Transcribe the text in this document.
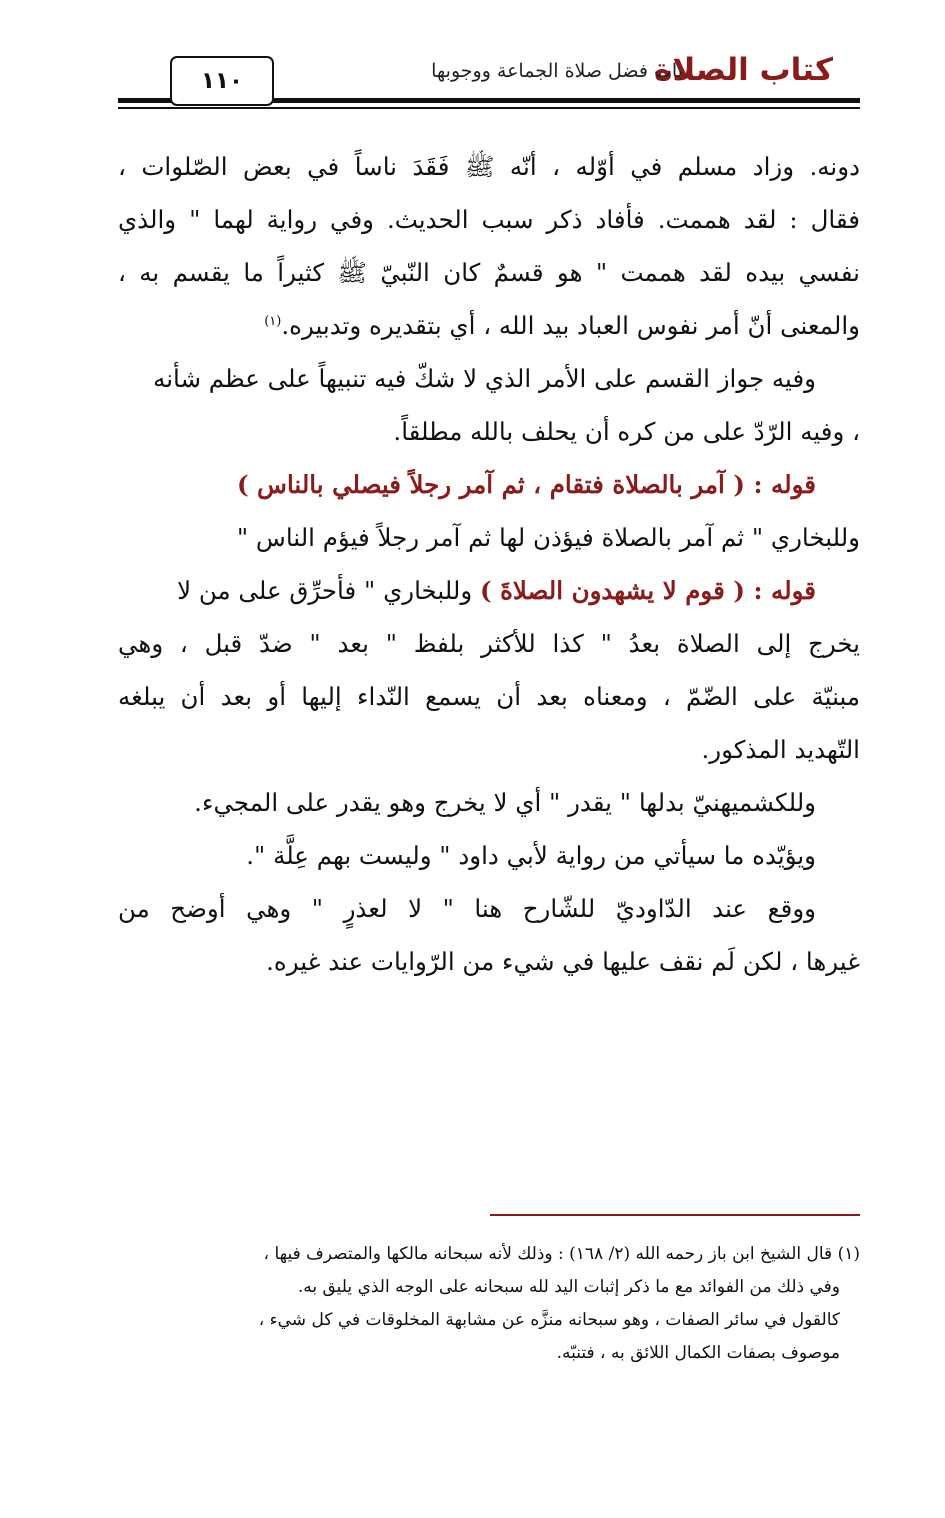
كتاب الصلاة
باب فضل صلاة الجماعة ووجوبها
١١٠
دونه. وزاد مسلم في أوّله ، أنّه ﷺ فَقَدَ ناساً في بعض الصّلوات ،
فقال : لقد هممت. فأفاد ذكر سبب الحديث. وفي رواية لهما " والذي
نفسي بيده لقد هممت " هو قسمٌ كان النّبيّ ﷺ كثيراً ما يقسم به ،
والمعنى أنّ أمر نفوس العباد بيد الله ، أي بتقديره وتدبيره.$^{(١)}$
وفيه جواز القسم على الأمر الذي لا شكّ فيه تنبيهاً على عظم شأنه
، وفيه الرّدّ على من كره أن يحلف بالله مطلقاً.
قوله : ( آمر بالصلاة فتقام ، ثم آمر رجلاً فيصلي بالناس )
وللبخاري " ثم آمر بالصلاة فيؤذن لها ثم آمر رجلاً فيؤم الناس "
قوله : ( قوم لا يشهدون الصلاةَ ) وللبخاري " فأحرِّق على من لا
يخرج إلى الصلاة بعدُ " كذا للأكثر بلفظ " بعد " ضدّ قبل ، وهي
مبنيّة على الضّمّ ، ومعناه بعد أن يسمع النّداء إليها أو بعد أن يبلغه
التّهديد المذكور.
وللكشميهنيّ بدلها " يقدر " أي لا يخرج وهو يقدر على المجيء.
ويؤيّده ما سيأتي من رواية لأبي داود " وليست بهم عِلَّة ".
ووقع عند الدّاوديّ للشّارح هنا " لا لعذرٍ " وهي أوضح من
غيرها ، لكن لَم نقف عليها في شيء من الرّوايات عند غيره.
(١) قال الشيخ ابن باز رحمه الله (٢/ ١٦٨) : وذلك لأنه سبحانه مالكها والمتصرف فيها ،
وفي ذلك من الفوائد مع ما ذكر إثبات اليد لله سبحانه على الوجه الذي يليق به.
كالقول في سائر الصفات ، وهو سبحانه منزَّه عن مشابهة المخلوقات في كل شيء ،
موصوف بصفات الكمال اللائق به ، فتنبّه.
